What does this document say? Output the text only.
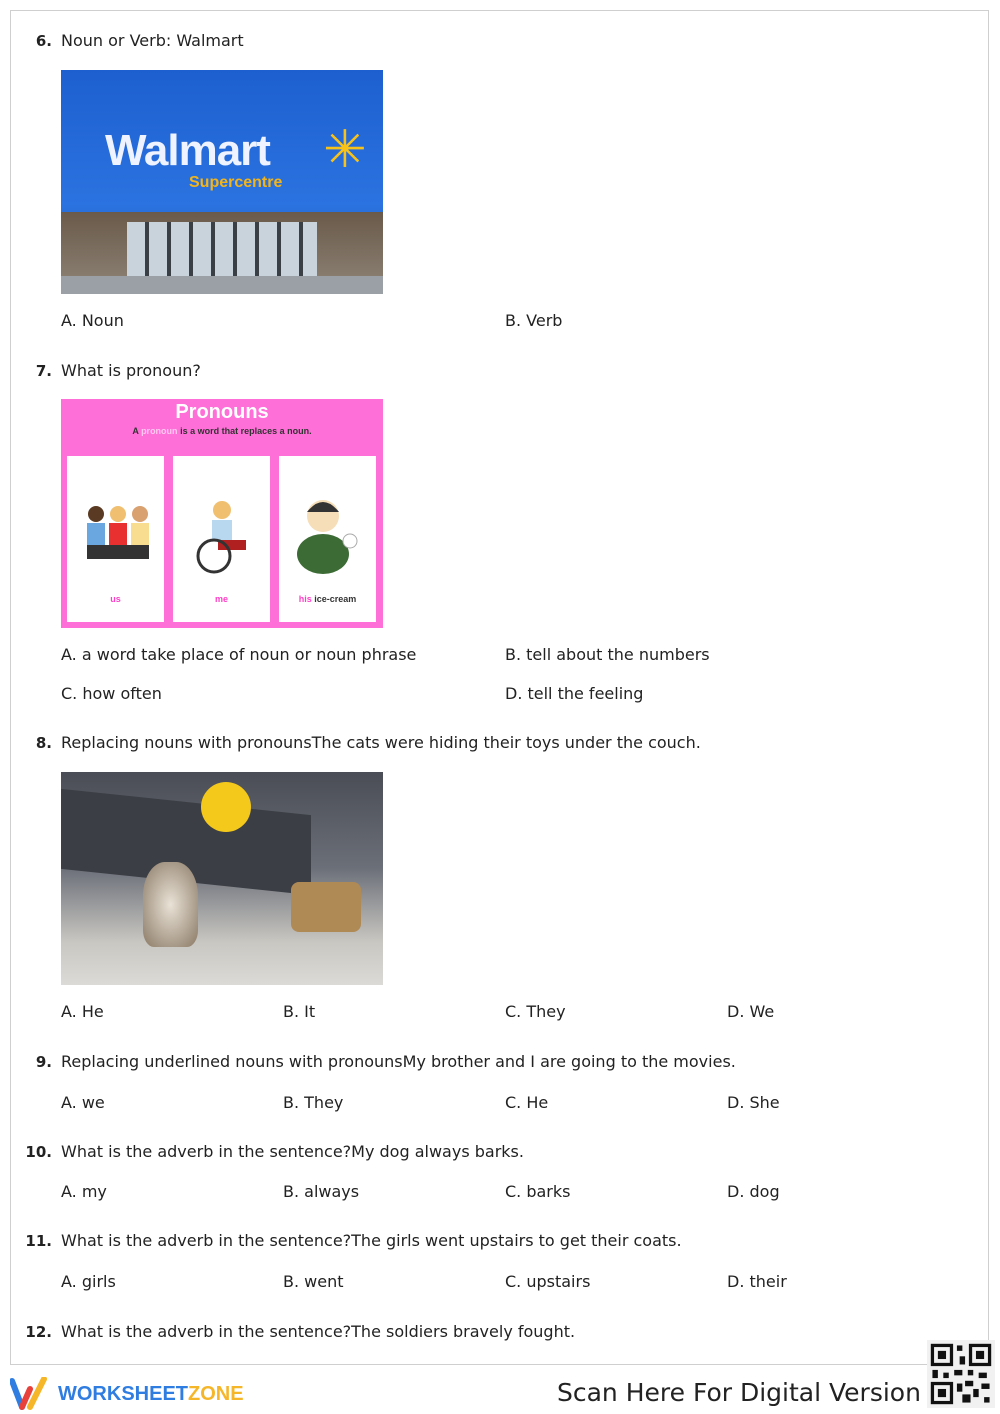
6. Noun or Verb: Walmart
Walmart ✳
Supercentre
A. Noun	B. Verb
7. What is pronoun?
Pronouns
A pronoun is a word that replaces a noun.
us	me	his ice-cream
A. a word take place of noun or noun phrase	B. tell about the numbers
C. how often	D. tell the feeling
8. Replacing nouns with pronounsThe cats were hiding their toys under the couch.
A. He	B. It	C. They	D. We
9. Replacing underlined nouns with pronounsMy brother and I are going to the movies.
A. we	B. They	C. He	D. She
10. What is the adverb in the sentence?My dog always barks.
A. my	B. always	C. barks	D. dog
11. What is the adverb in the sentence?The girls went upstairs to get their coats.
A. girls	B. went	C. upstairs	D. their
12. What is the adverb in the sentence?The soldiers bravely fought.
WORKSHEET ZONE	Scan Here For Digital Version
